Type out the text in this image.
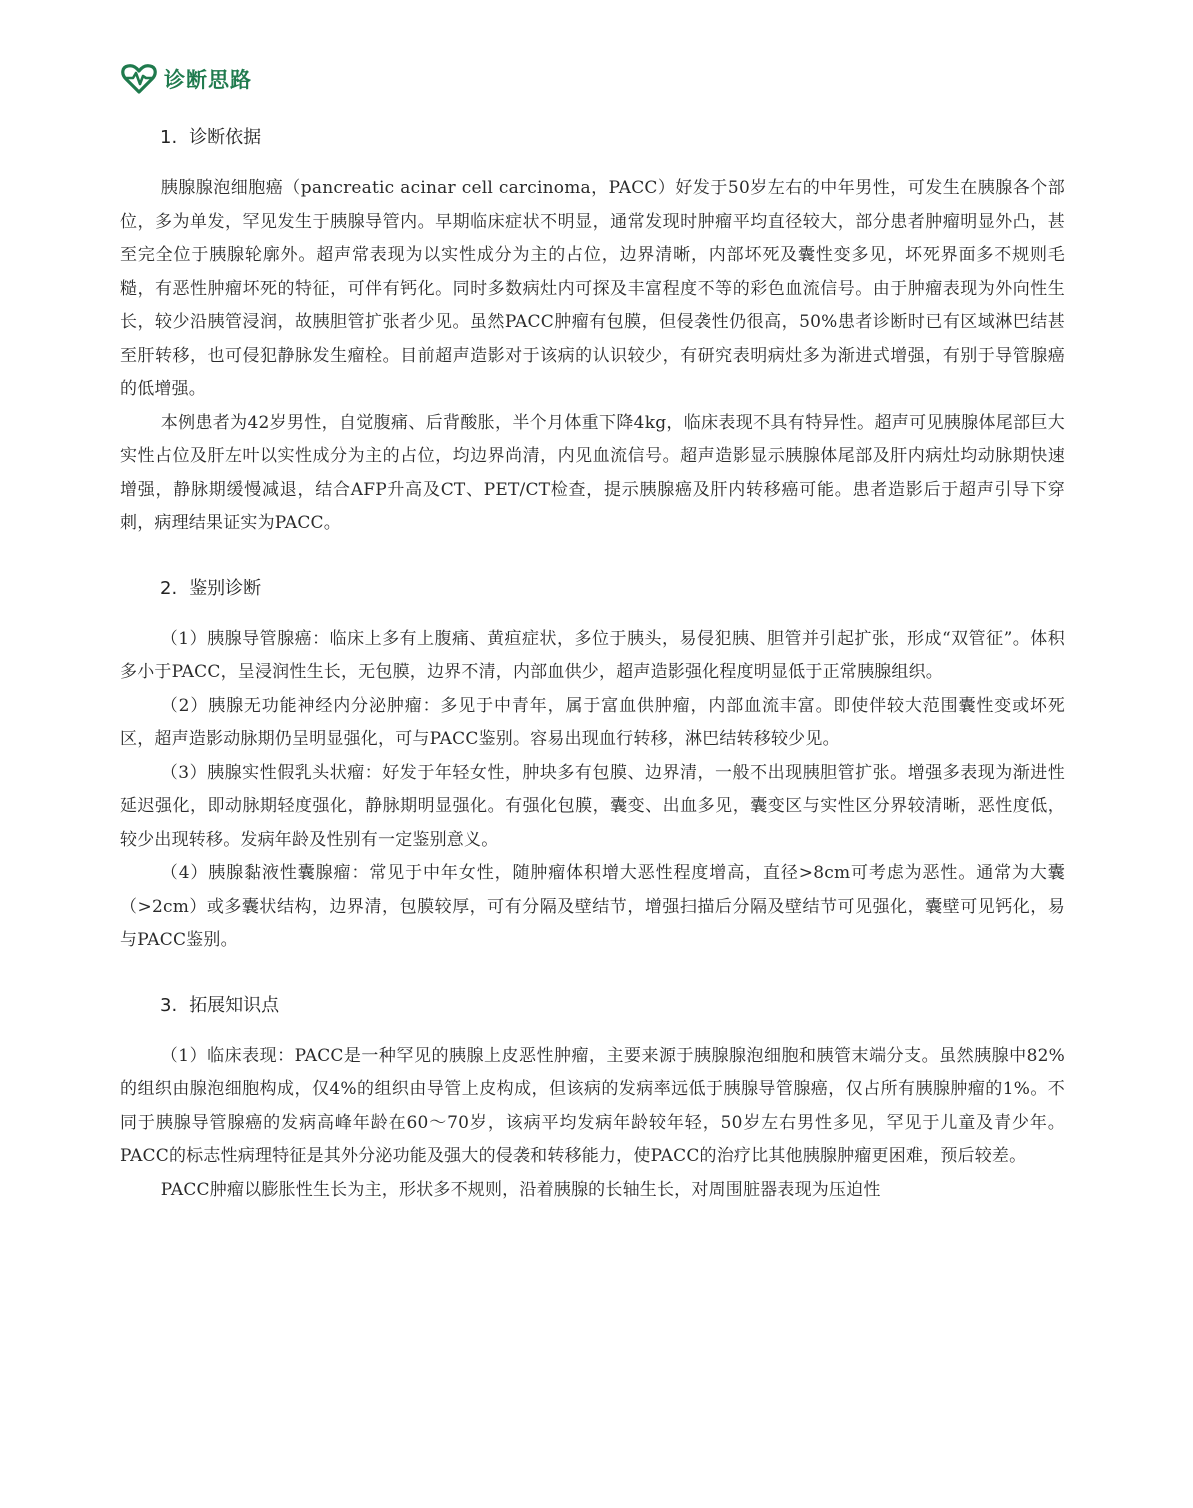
诊断思路
1. 诊断依据

胰腺腺泡细胞癌（pancreatic acinar cell carcinoma，PACC）好发于50岁左右的中年男性，可发生在胰腺各个部位，多为单发，罕见发生于胰腺导管内。早期临床症状不明显，通常发现时肿瘤平均直径较大，部分患者肿瘤明显外凸，甚至完全位于胰腺轮廓外。超声常表现为以实性成分为主的占位，边界清晰，内部坏死及囊性变多见，坏死界面多不规则毛糙，有恶性肿瘤坏死的特征，可伴有钙化。同时多数病灶内可探及丰富程度不等的彩色血流信号。由于肿瘤表现为外向性生长，较少沿胰管浸润，故胰胆管扩张者少见。虽然PACC肿瘤有包膜，但侵袭性仍很高，50%患者诊断时已有区域淋巴结甚至肝转移，也可侵犯静脉发生瘤栓。目前超声造影对于该病的认识较少，有研究表明病灶多为渐进式增强，有别于导管腺癌的低增强。

本例患者为42岁男性，自觉腹痛、后背酸胀，半个月体重下降4kg，临床表现不具有特异性。超声可见胰腺体尾部巨大实性占位及肝左叶以实性成分为主的占位，均边界尚清，内见血流信号。超声造影显示胰腺体尾部及肝内病灶均动脉期快速增强，静脉期缓慢减退，结合AFP升高及CT、PET/CT检查，提示胰腺癌及肝内转移癌可能。患者造影后于超声引导下穿刺，病理结果证实为PACC。

2. 鉴别诊断

（1）胰腺导管腺癌：临床上多有上腹痛、黄疸症状，多位于胰头，易侵犯胰、胆管并引起扩张，形成“双管征”。体积多小于PACC，呈浸润性生长，无包膜，边界不清，内部血供少，超声造影强化程度明显低于正常胰腺组织。

（2）胰腺无功能神经内分泌肿瘤：多见于中青年，属于富血供肿瘤，内部血流丰富。即使伴较大范围囊性变或坏死区，超声造影动脉期仍呈明显强化，可与PACC鉴别。容易出现血行转移，淋巴结转移较少见。

（3）胰腺实性假乳头状瘤：好发于年轻女性，肿块多有包膜、边界清，一般不出现胰胆管扩张。增强多表现为渐进性延迟强化，即动脉期轻度强化，静脉期明显强化。有强化包膜，囊变、出血多见，囊变区与实性区分界较清晰，恶性度低，较少出现转移。发病年龄及性别有一定鉴别意义。

（4）胰腺黏液性囊腺瘤：常见于中年女性，随肿瘤体积增大恶性程度增高，直径>8cm可考虑为恶性。通常为大囊（>2cm）或多囊状结构，边界清，包膜较厚，可有分隔及壁结节，增强扫描后分隔及壁结节可见强化，囊壁可见钙化，易与PACC鉴别。

3. 拓展知识点

（1）临床表现：PACC是一种罕见的胰腺上皮恶性肿瘤，主要来源于胰腺腺泡细胞和胰管末端分支。虽然胰腺中82%的组织由腺泡细胞构成，仅4%的组织由导管上皮构成，但该病的发病率远低于胰腺导管腺癌，仅占所有胰腺肿瘤的1%。不同于胰腺导管腺癌的发病高峰年龄在60～70岁，该病平均发病年龄较年轻，50岁左右男性多见，罕见于儿童及青少年。PACC的标志性病理特征是其外分泌功能及强大的侵袭和转移能力，使PACC的治疗比其他胰腺肿瘤更困难，预后较差。

PACC肿瘤以膨胀性生长为主，形状多不规则，沿着胰腺的长轴生长，对周围脏器表现为压迫性
